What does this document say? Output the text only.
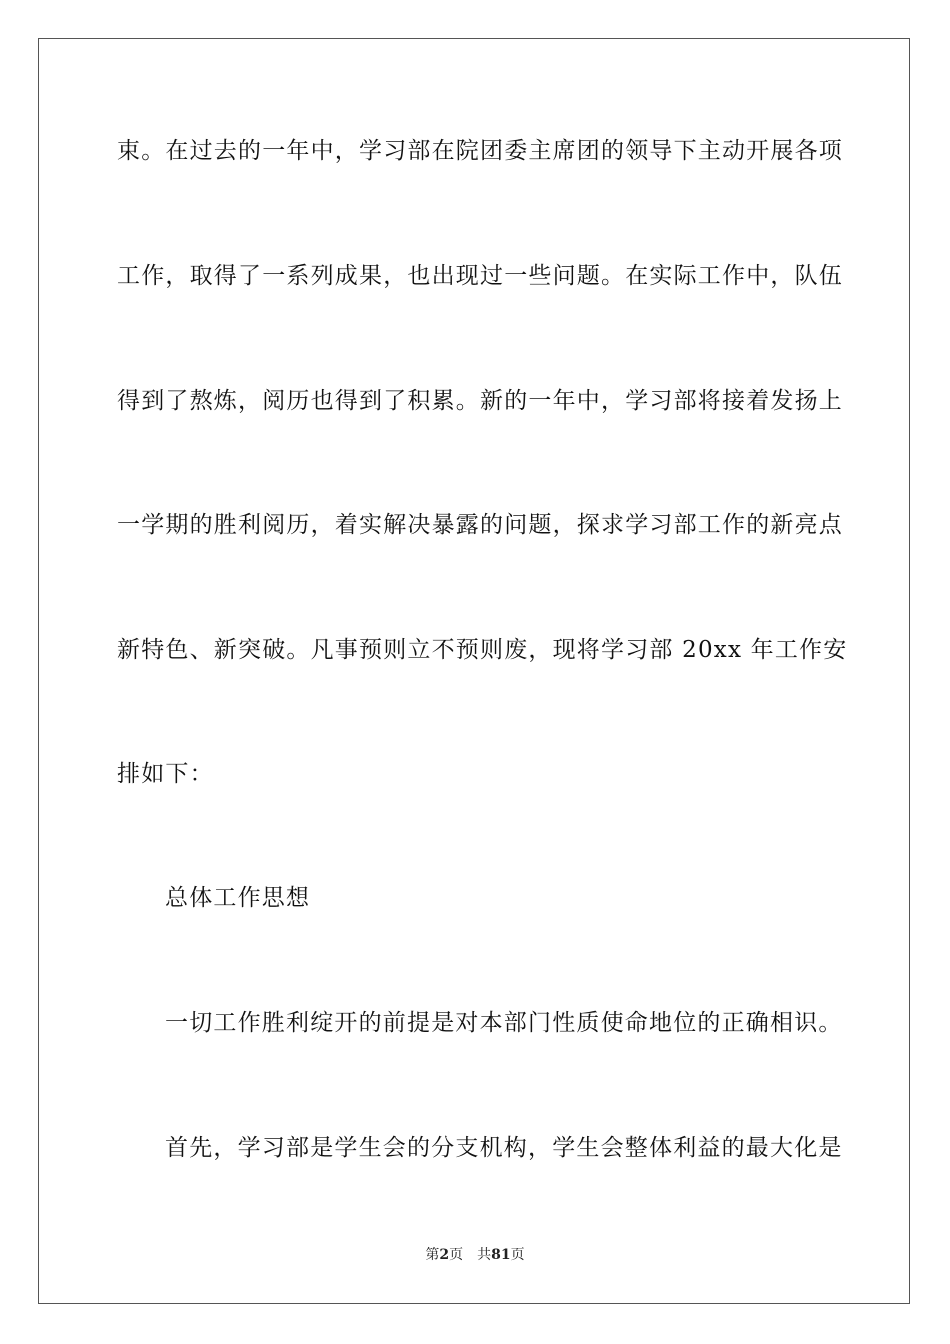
束。在过去的一年中，学习部在院团委主席团的领导下主动开展各项
工作，取得了一系列成果，也出现过一些问题。在实际工作中，队伍
得到了熬炼，阅历也得到了积累。新的一年中，学习部将接着发扬上
一学期的胜利阅历，着实解决暴露的问题，探求学习部工作的新亮点
新特色、新突破。凡事预则立不预则废，现将学习部 20xx 年工作安
排如下：
总体工作思想
一切工作胜利绽开的前提是对本部门性质使命地位的正确相识。
首先，学习部是学生会的分支机构，学生会整体利益的最大化是
第2页 共81页
